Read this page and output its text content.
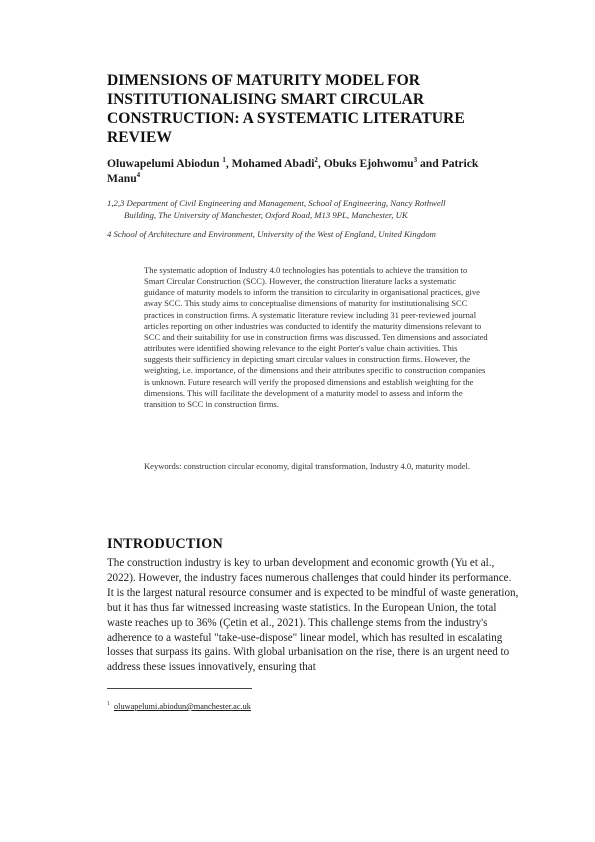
DIMENSIONS OF MATURITY MODEL FOR INSTITUTIONALISING SMART CIRCULAR CONSTRUCTION: A SYSTEMATIC LITERATURE REVIEW
Oluwapelumi Abiodun $^1$, Mohamed Abadi$^2$, Obuks Ejohwomu$^3$ and Patrick Manu$^4$
1,2,3 Department of Civil Engineering and Management, School of Engineering, Nancy Rothwell
Building, The University of Manchester, Oxford Road, M13 9PL, Manchester, UK
4 School of Architecture and Environment, University of the West of England, United Kingdom
The systematic adoption of Industry 4.0 technologies has potentials to achieve the transition to Smart Circular Construction (SCC). However, the construction literature lacks a systematic guidance of maturity models to inform the transition to circularity in organisational practices, give away SCC. This study aims to conceptualise dimensions of maturity for institutionalising SCC practices in construction firms. A systematic literature review including 31 peer-reviewed journal articles reporting on other industries was conducted to identify the maturity dimensions relevant to SCC and their suitability for use in construction firms was discussed. Ten dimensions and associated attributes were identified showing relevance to the eight Porter's value chain activities. This suggests their sufficiency in depicting smart circular values in construction firms. However, the weighting, i.e. importance, of the dimensions and their attributes specific to construction companies is unknown. Future research will verify the proposed dimensions and establish weighting for the dimensions. This will facilitate the development of a maturity model to assess and inform the transition to SCC in construction firms.
Keywords: construction circular economy, digital transformation, Industry 4.0, maturity model.
INTRODUCTION
The construction industry is key to urban development and economic growth (Yu et al., 2022). However, the industry faces numerous challenges that could hinder its performance. It is the largest natural resource consumer and is expected to be mindful of waste generation, but it has thus far witnessed increasing waste statistics. In the European Union, the total waste reaches up to 36% (Çetin et al., 2021). This challenge stems from the industry's adherence to a wasteful "take-use-dispose" linear model, which has resulted in escalating losses that surpass its gains. With global urbanisation on the rise, there is an urgent need to address these issues innovatively, ensuring that
$^1$ oluwapelumi.abiodun@manchester.ac.uk
